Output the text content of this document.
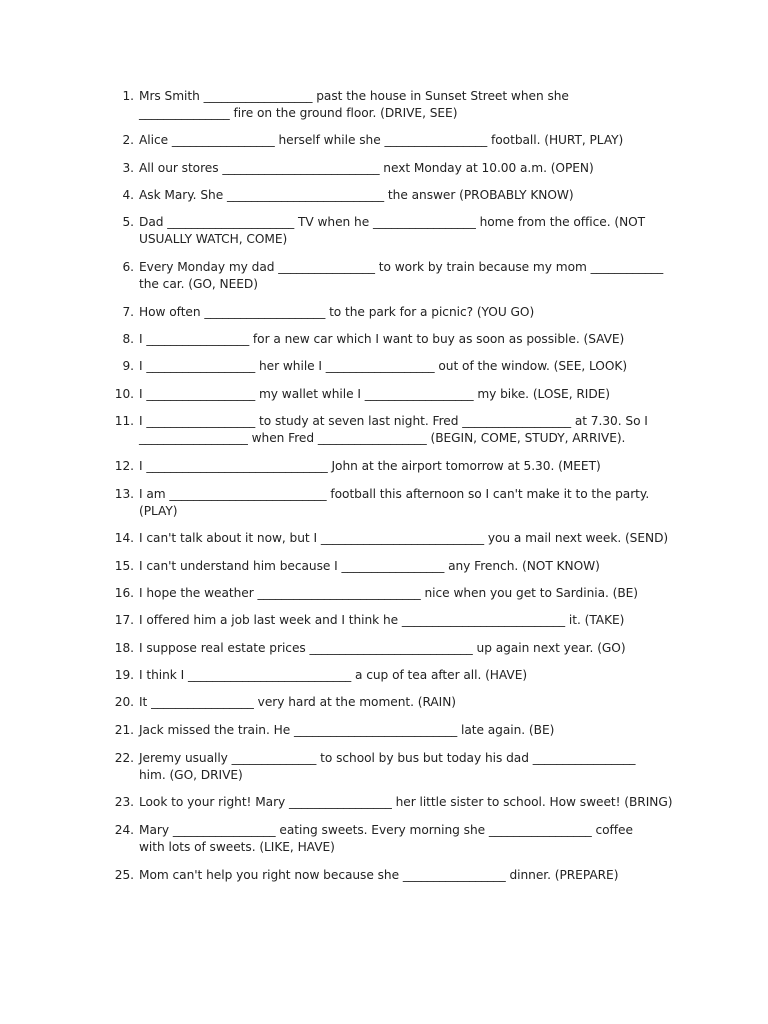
1. Mrs Smith __________________ past the house in Sunset Street when she
_______________ fire on the ground floor. (DRIVE, SEE)
2. Alice _________________ herself while she _________________ football. (HURT, PLAY)
3. All our stores __________________________ next Monday at 10.00 a.m. (OPEN)
4. Ask Mary. She __________________________ the answer (PROBABLY KNOW)
5. Dad _____________________ TV when he _________________ home from the office. (NOT
USUALLY WATCH, COME)
6. Every Monday my dad ________________ to work by train because my mom ____________
the car. (GO, NEED)
7. How often ____________________ to the park for a picnic? (YOU GO)
8. I _________________ for a new car which I want to buy as soon as possible. (SAVE)
9. I __________________ her while I __________________ out of the window. (SEE, LOOK)
10. I __________________ my wallet while I __________________ my bike. (LOSE, RIDE)
11. I __________________ to study at seven last night. Fred __________________ at 7.30. So I
__________________ when Fred __________________ (BEGIN, COME, STUDY, ARRIVE).
12. I ______________________________ John at the airport tomorrow at 5.30. (MEET)
13. I am __________________________ football this afternoon so I can't make it to the party.
(PLAY)
14. I can't talk about it now, but I ___________________________ you a mail next week. (SEND)
15. I can't understand him because I _________________ any French. (NOT KNOW)
16. I hope the weather ___________________________ nice when you get to Sardinia. (BE)
17. I offered him a job last week and I think he ___________________________ it. (TAKE)
18. I suppose real estate prices ___________________________ up again next year. (GO)
19. I think I ___________________________ a cup of tea after all. (HAVE)
20. It _________________ very hard at the moment. (RAIN)
21. Jack missed the train. He ___________________________ late again. (BE)
22. Jeremy usually ______________ to school by bus but today his dad _________________
him. (GO, DRIVE)
23. Look to your right! Mary _________________ her little sister to school. How sweet! (BRING)
24. Mary _________________ eating sweets. Every morning she _________________ coffee
with lots of sweets. (LIKE, HAVE)
25. Mom can't help you right now because she _________________ dinner. (PREPARE)
